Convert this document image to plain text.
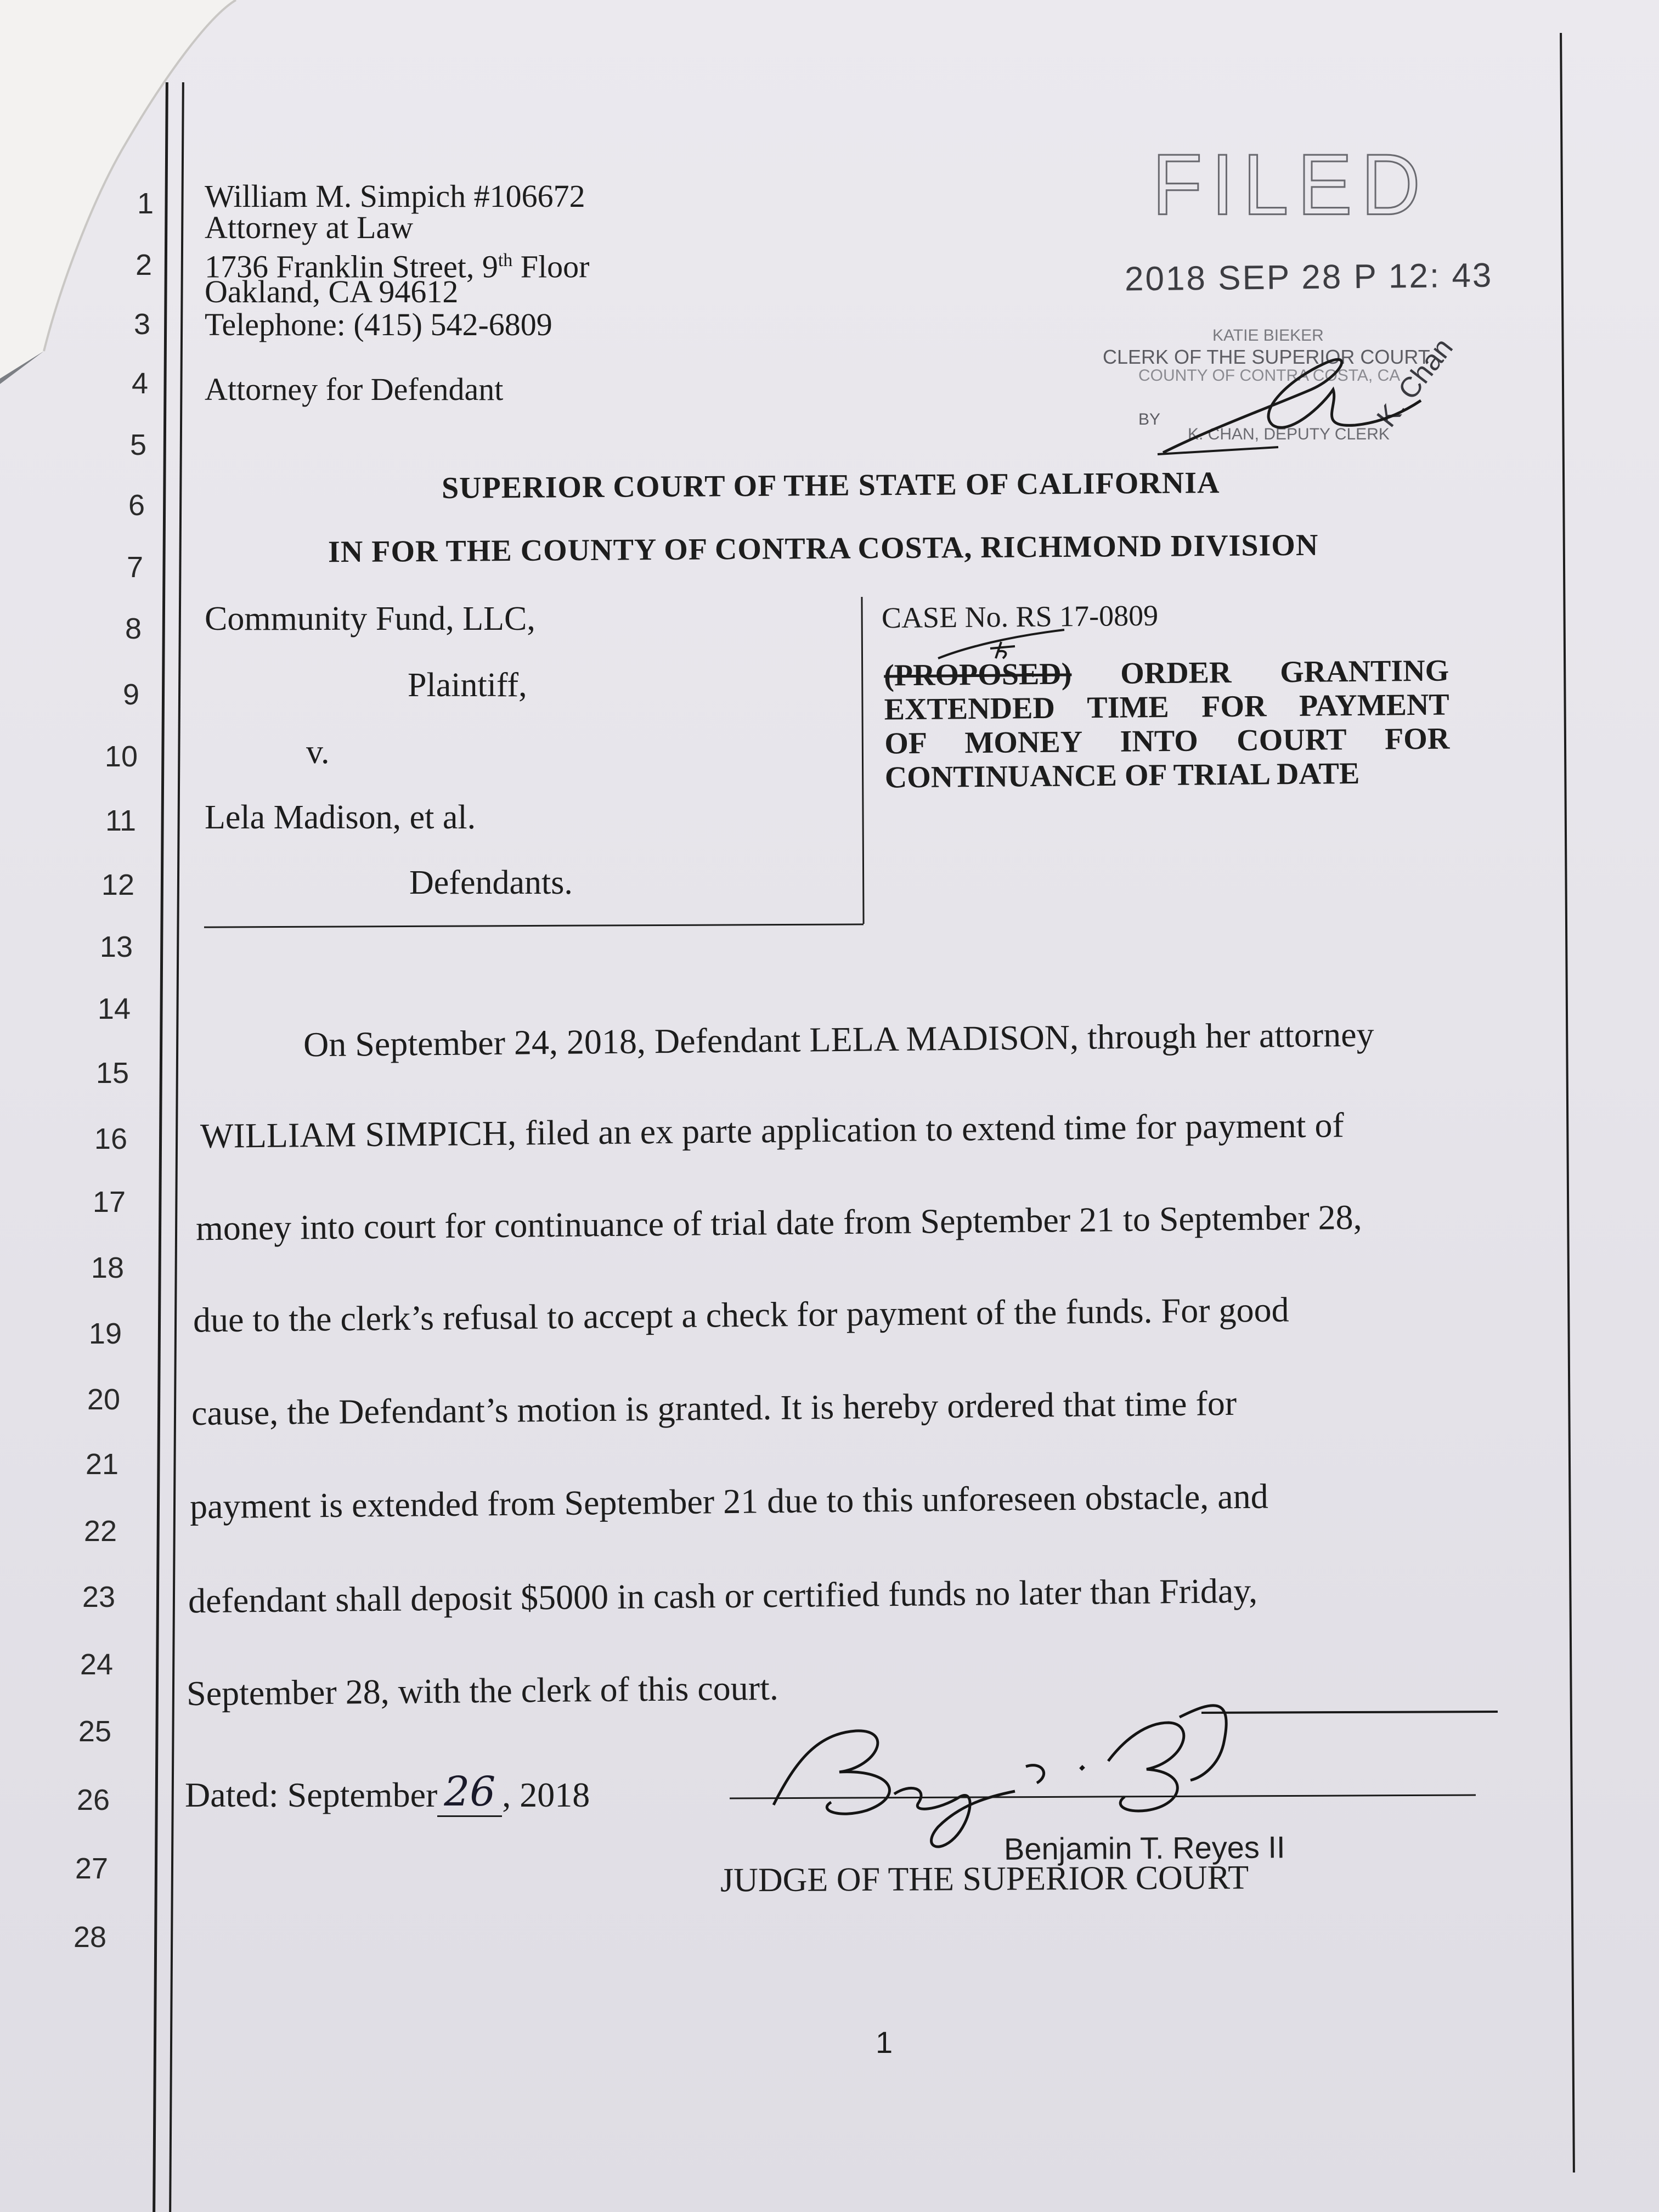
1
2
3
4
5
6
7
8
9
10
11
12
13
14
15
16
17
18
19
20
21
22
23
24
25
26
27
28
William M. Simpich #106672
Attorney at Law
1736 Franklin Street, 9th Floor
Oakland, CA 94612
Telephone: (415) 542-6809
Attorney for Defendant
FILED
2018 SEP 28 P 12: 43
KATIE BIEKER
CLERK OF THE SUPERIOR COURT
COUNTY OF CONTRA COSTA, CA
BY
K. CHAN, DEPUTY CLERK
K. Chan
SUPERIOR COURT OF THE STATE OF CALIFORNIA
IN FOR THE COUNTY OF CONTRA COSTA, RICHMOND DIVISION
Community Fund, LLC,
Plaintiff,
v.
Lela Madison, et al.
Defendants.
CASE No. RS 17-0809
(PROPOSED) ORDER GRANTING
EXTENDED TIME FOR PAYMENT
OF MONEY INTO COURT FOR
CONTINUANCE OF TRIAL DATE
On September 24, 2018, Defendant LELA MADISON, through her attorney
WILLIAM SIMPICH, filed an ex parte application to extend time for payment of
money into court for continuance of trial date from September 21 to September 28,
due to the clerk’s refusal to accept a check for payment of the funds. For good
cause, the Defendant’s motion is granted. It is hereby ordered that time for
payment is extended from September 21 due to this unforeseen obstacle, and
defendant shall deposit $5000 in cash or certified funds no later than Friday,
September 28, with the clerk of this court.
Dated: September 26 , 2018
Benjamin T. Reyes II
JUDGE OF THE SUPERIOR COURT
1
